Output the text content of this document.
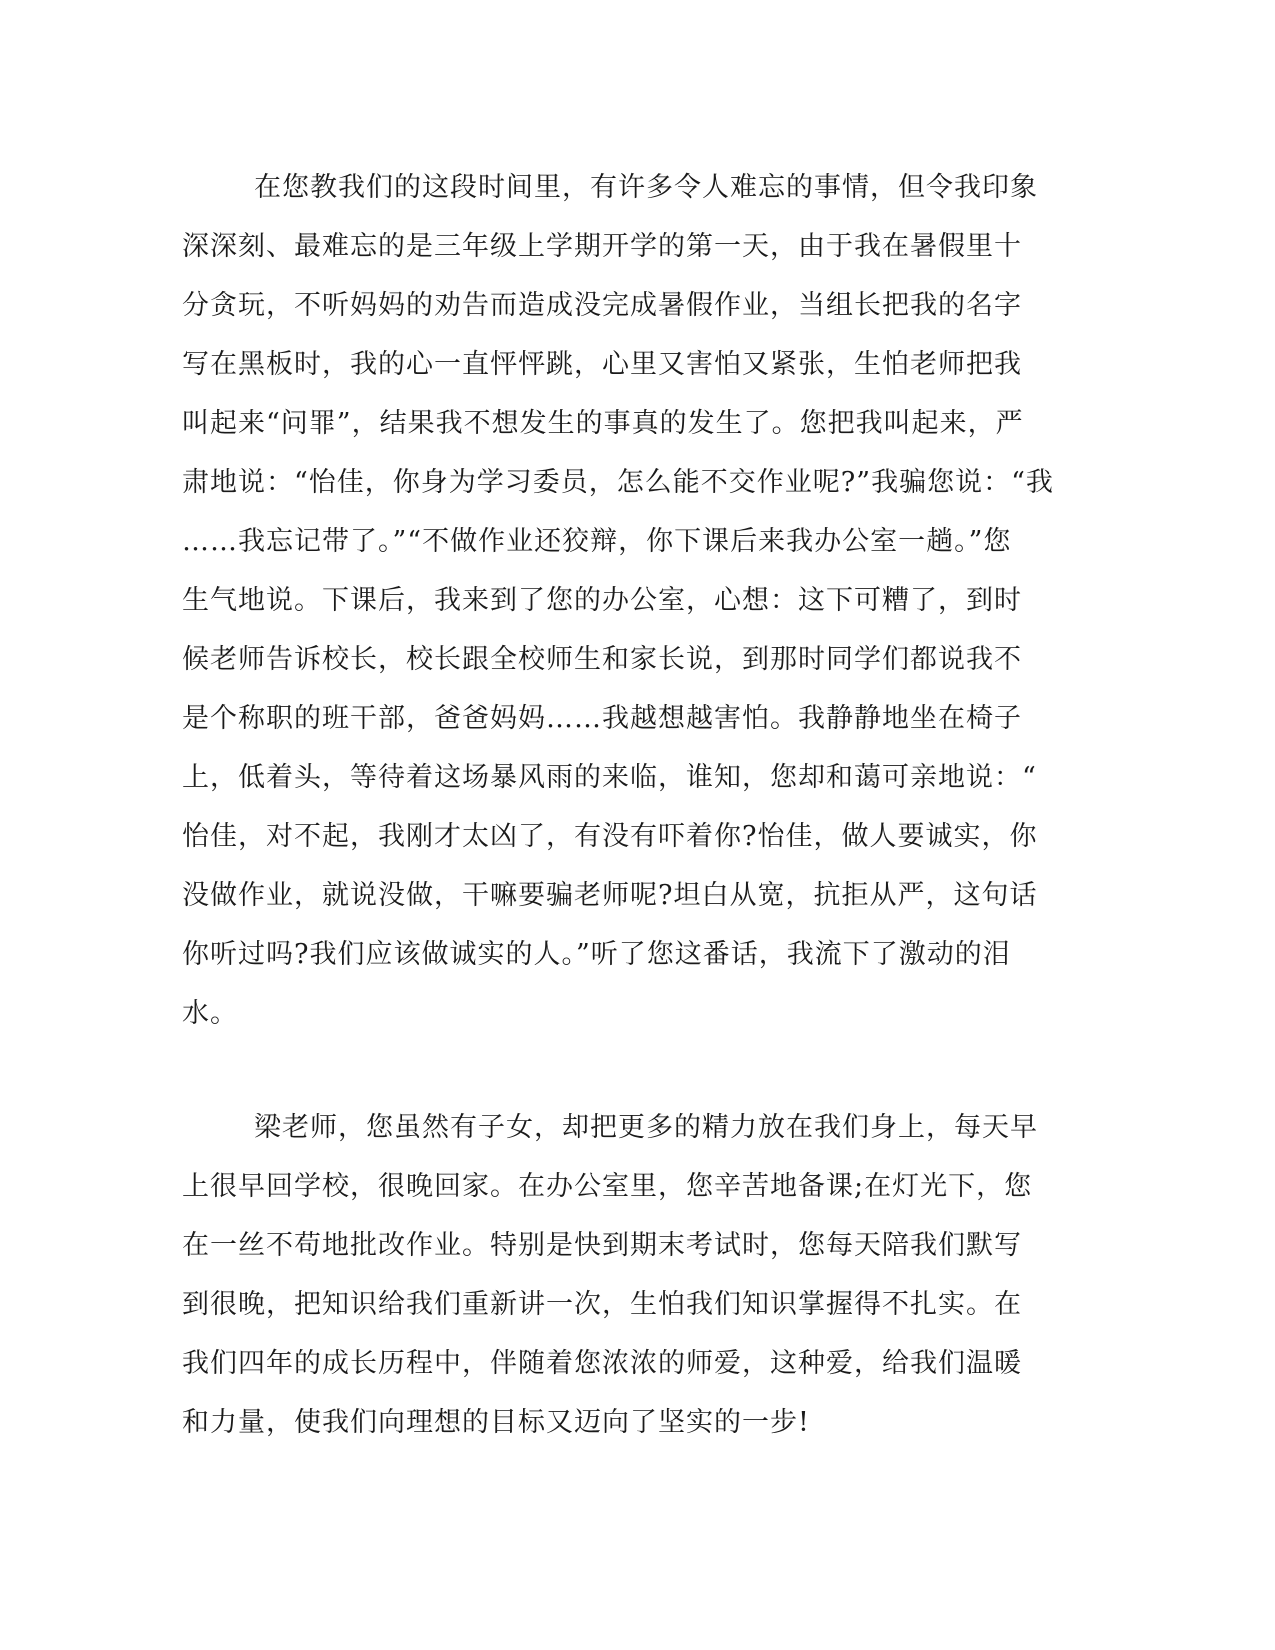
在您教我们的这段时间里，有许多令人难忘的事情，但令我印象
深深刻、最难忘的是三年级上学期开学的第一天，由于我在暑假里十
分贪玩，不听妈妈的劝告而造成没完成暑假作业，当组长把我的名字
写在黑板时，我的心一直怦怦跳，心里又害怕又紧张，生怕老师把我
叫起来“问罪”，结果我不想发生的事真的发生了。您把我叫起来，严
肃地说：“怡佳，你身为学习委员，怎么能不交作业呢?”我骗您说：“我
……我忘记带了。”“不做作业还狡辩，你下课后来我办公室一趟。”您
生气地说。下课后，我来到了您的办公室，心想：这下可糟了，到时
候老师告诉校长，校长跟全校师生和家长说，到那时同学们都说我不
是个称职的班干部，爸爸妈妈……我越想越害怕。我静静地坐在椅子
上，低着头，等待着这场暴风雨的来临，谁知，您却和蔼可亲地说：“
怡佳，对不起，我刚才太凶了，有没有吓着你?怡佳，做人要诚实，你
没做作业，就说没做，干嘛要骗老师呢?坦白从宽，抗拒从严，这句话
你听过吗?我们应该做诚实的人。”听了您这番话，我流下了激动的泪
水。
梁老师，您虽然有子女，却把更多的精力放在我们身上，每天早
上很早回学校，很晚回家。在办公室里，您辛苦地备课;在灯光下，您
在一丝不苟地批改作业。特别是快到期末考试时，您每天陪我们默写
到很晚，把知识给我们重新讲一次，生怕我们知识掌握得不扎实。在
我们四年的成长历程中，伴随着您浓浓的师爱，这种爱，给我们温暖
和力量，使我们向理想的目标又迈向了坚实的一步!
